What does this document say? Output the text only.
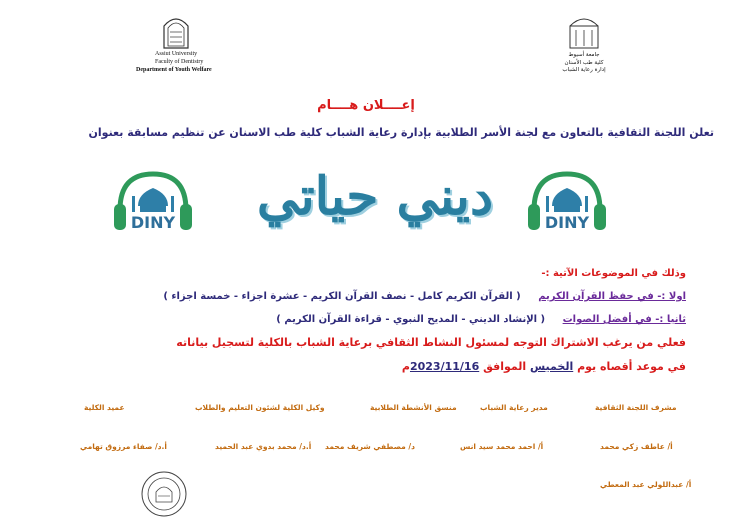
Assiut University
Faculty of Dentistry
Department of Youth Welfare
جامعة أسيوط
كلية طب الأسنان
إدارة رعاية الشباب
إعــــلان هــــام
تعلن اللجنة الثقافية بالتعاون مع لجنة الأسر الطلابية بإدارة رعاية الشباب كلية طب الاسنان عن تنظيم مسابقة بعنوان
DINY	DINY
ديني حياتي
وذلك في الموضوعات الآتية :-
اولا :- في حفظ القرآن الكريم ( القرآن الكريم كامل - نصف القرآن الكريم - عشرة اجزاء - خمسة اجزاء )
ثانيا :- في أفضل الصوات ( الإنشاد الديني - المديح النبوي - قراءة القرآن الكريم )
فعلي من يرغب الاشتراك التوجه لمسئول النشاط الثقافي برعاية الشباب بالكلية لتسجيل بياناته
في موعد أقصاه يوم الخميس الموافق 2023/11/16م
مشرف اللجنة الثقافية
مدير رعاية الشباب
منسق الأنشطة الطلابية
وكيل الكلية لشئون التعليم والطلاب
عميد الكلية
أ/ عاطف زكي محمد
أ/ احمد محمد سيد انس
د/ مصطفي شريف محمد
أ.د/ محمد بدوي عبد الحميد
أ.د/ صفاء مرزوق تهامي
أ/ عبداللولي عبد المعطي
